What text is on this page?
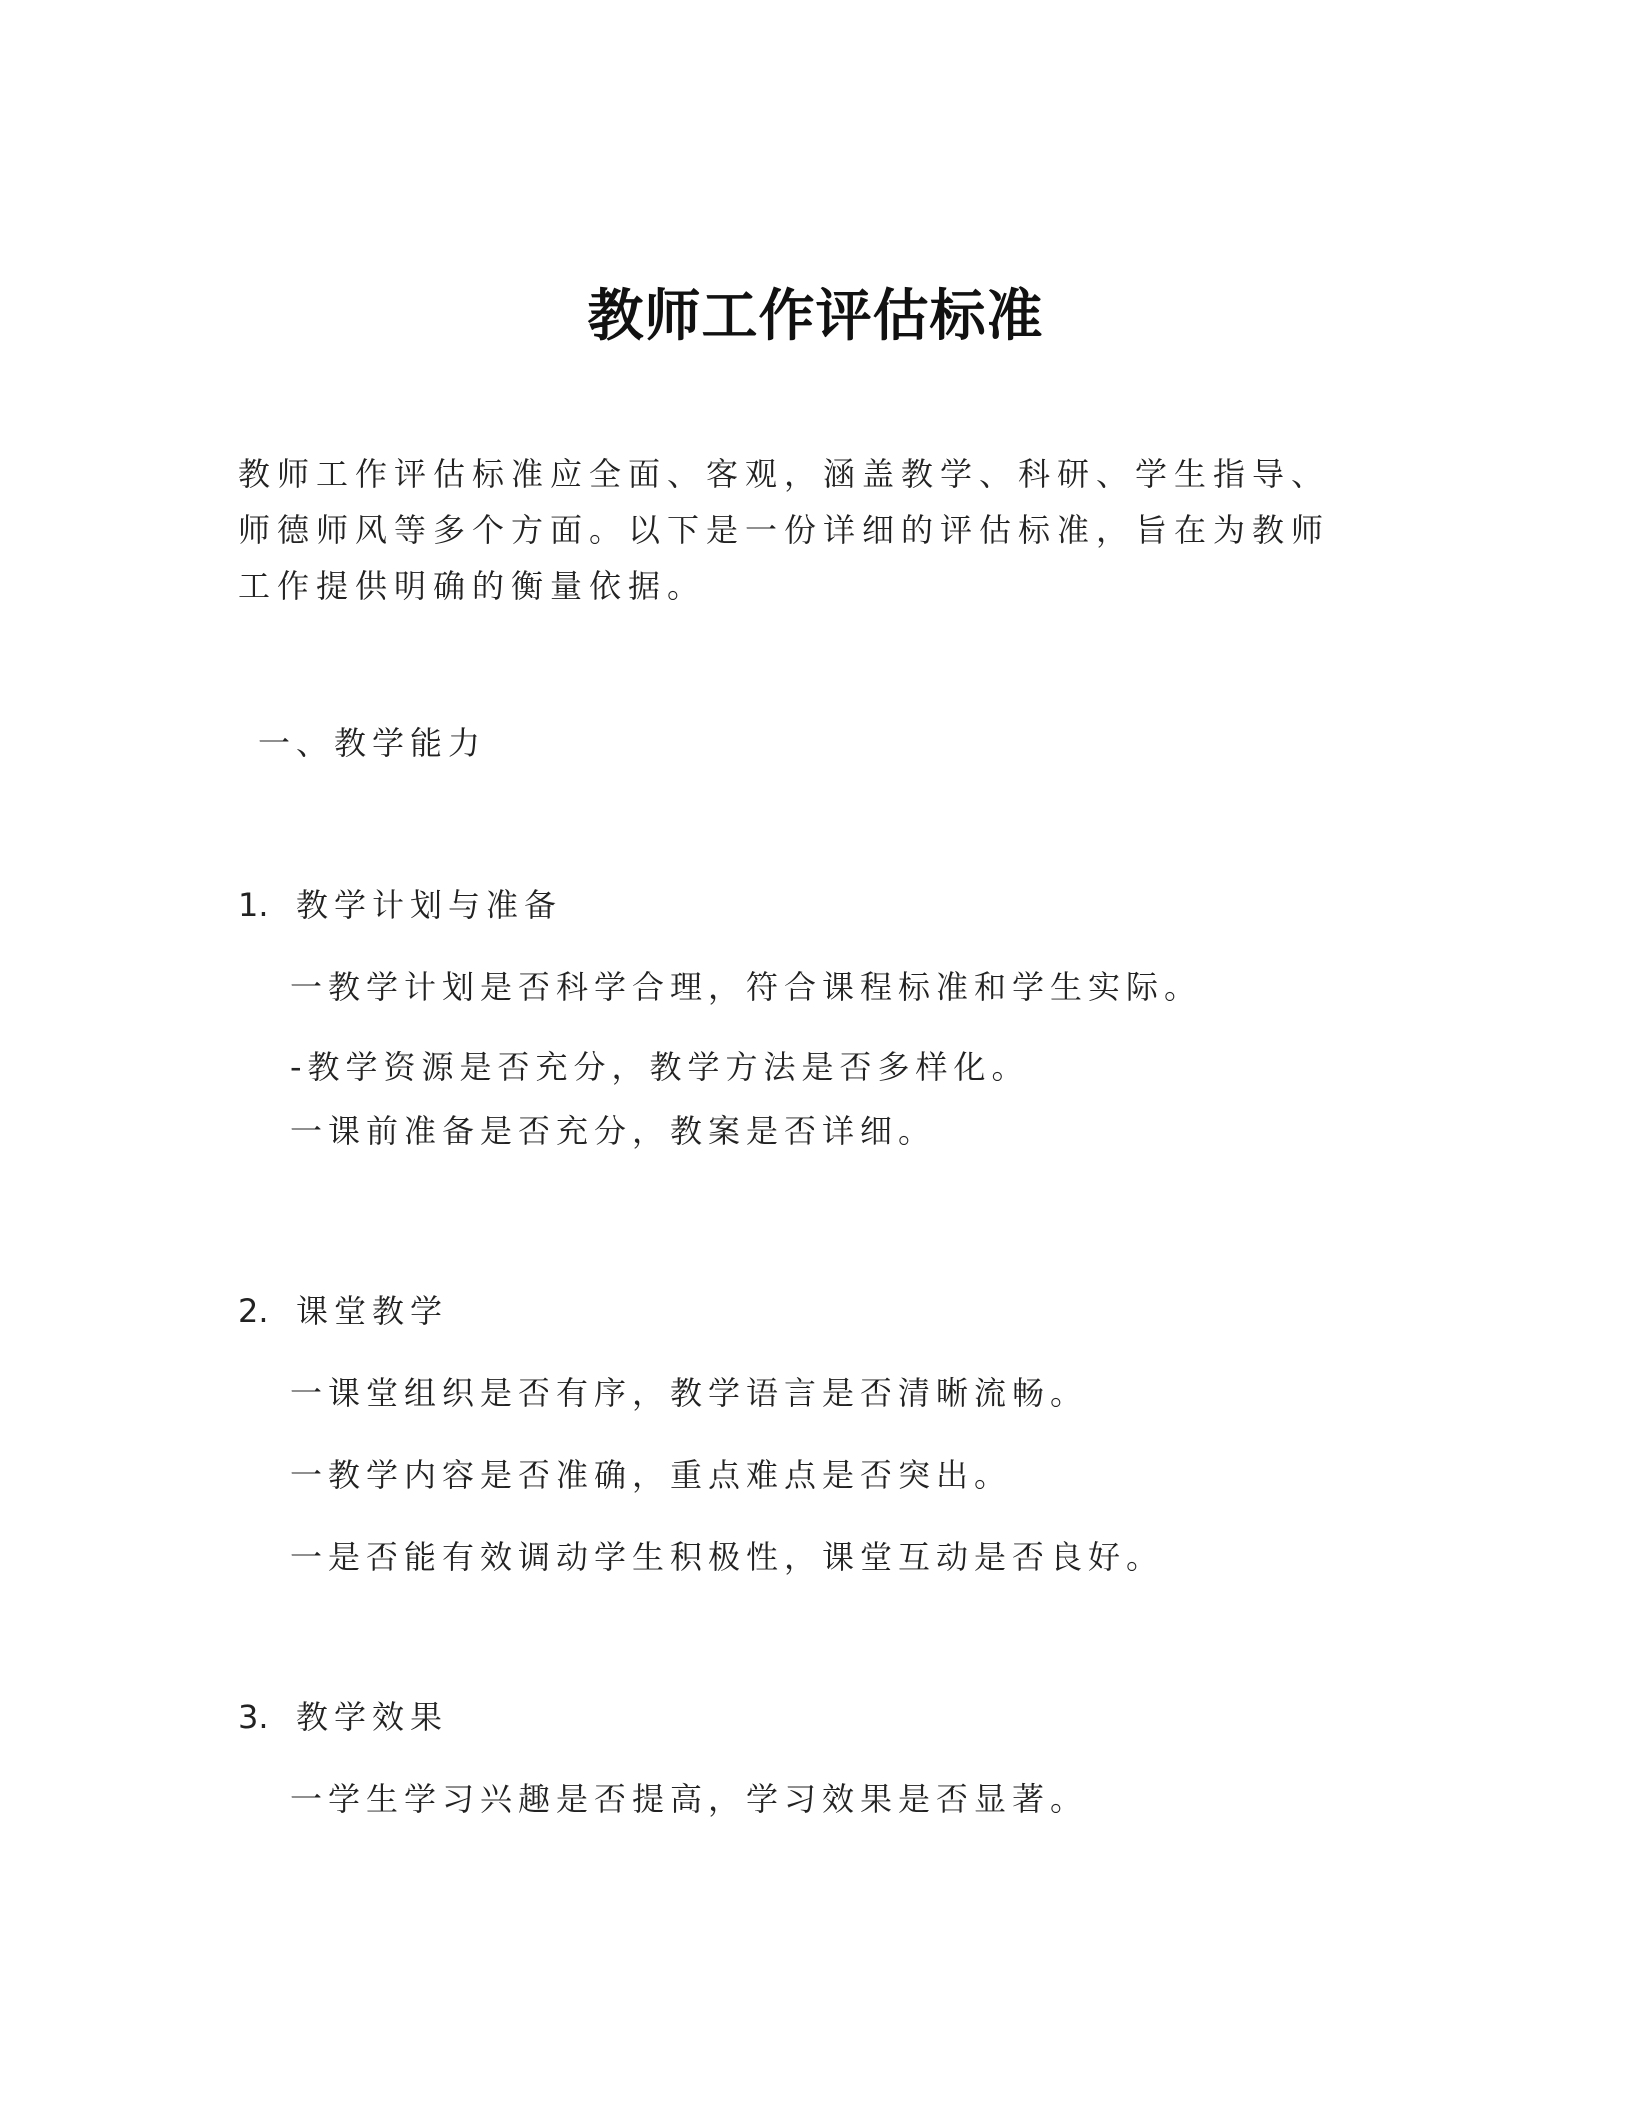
教师工作评估标准
教师工作评估标准应全面、客观，涵盖教学、科研、学生指导、师德师风等多个方面。以下是一份详细的评估标准，旨在为教师工作提供明确的衡量依据。
一、教学能力
1. 教学计划与准备
一教学计划是否科学合理，符合课程标准和学生实际。
-教学资源是否充分，教学方法是否多样化。
一课前准备是否充分，教案是否详细。
2. 课堂教学
一课堂组织是否有序，教学语言是否清晰流畅。
一教学内容是否准确，重点难点是否突出。
一是否能有效调动学生积极性，课堂互动是否良好。
3. 教学效果
一学生学习兴趣是否提高，学习效果是否显著。
